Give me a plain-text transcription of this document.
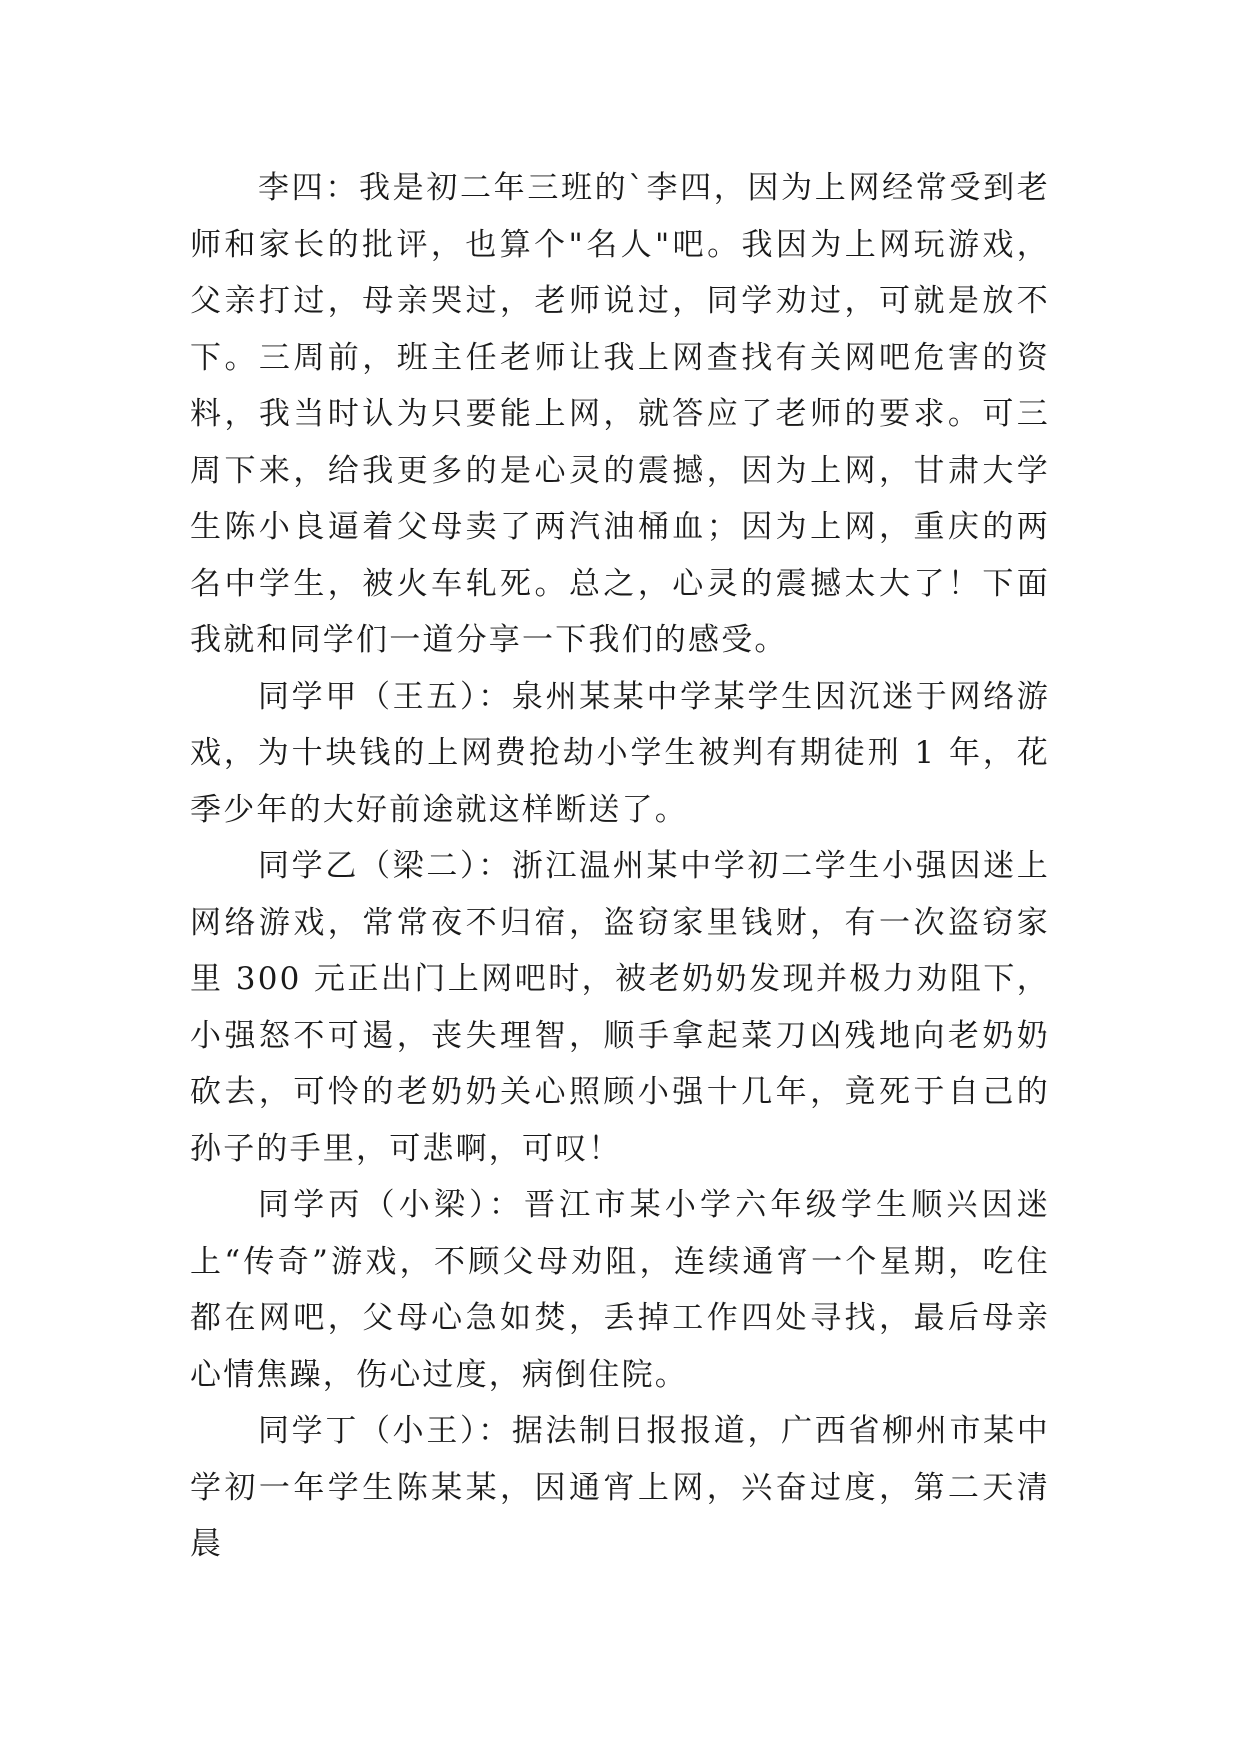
李四：我是初二年三班的`李四，因为上网经常受到老师和家长的批评，也算个"名人"吧。我因为上网玩游戏，父亲打过，母亲哭过，老师说过，同学劝过，可就是放不下。三周前，班主任老师让我上网查找有关网吧危害的资料，我当时认为只要能上网，就答应了老师的要求。可三周下来，给我更多的是心灵的震撼，因为上网，甘肃大学生陈小良逼着父母卖了两汽油桶血；因为上网，重庆的两名中学生，被火车轧死。总之，心灵的震撼太大了！下面我就和同学们一道分享一下我们的感受。

同学甲（王五）：泉州某某中学某学生因沉迷于网络游戏，为十块钱的上网费抢劫小学生被判有期徒刑 1 年，花季少年的大好前途就这样断送了。

同学乙（梁二）：浙江温州某中学初二学生小强因迷上网络游戏，常常夜不归宿，盗窃家里钱财，有一次盗窃家里 300 元正出门上网吧时，被老奶奶发现并极力劝阻下，小强怒不可遏，丧失理智，顺手拿起菜刀凶残地向老奶奶砍去，可怜的老奶奶关心照顾小强十几年，竟死于自己的孙子的手里，可悲啊，可叹！

同学丙（小梁）：晋江市某小学六年级学生顺兴因迷上“传奇”游戏，不顾父母劝阻，连续通宵一个星期，吃住都在网吧，父母心急如焚，丢掉工作四处寻找，最后母亲心情焦躁，伤心过度，病倒住院。

同学丁（小王）：据法制日报报道，广西省柳州市某中学初一年学生陈某某，因通宵上网，兴奋过度，第二天清晨
